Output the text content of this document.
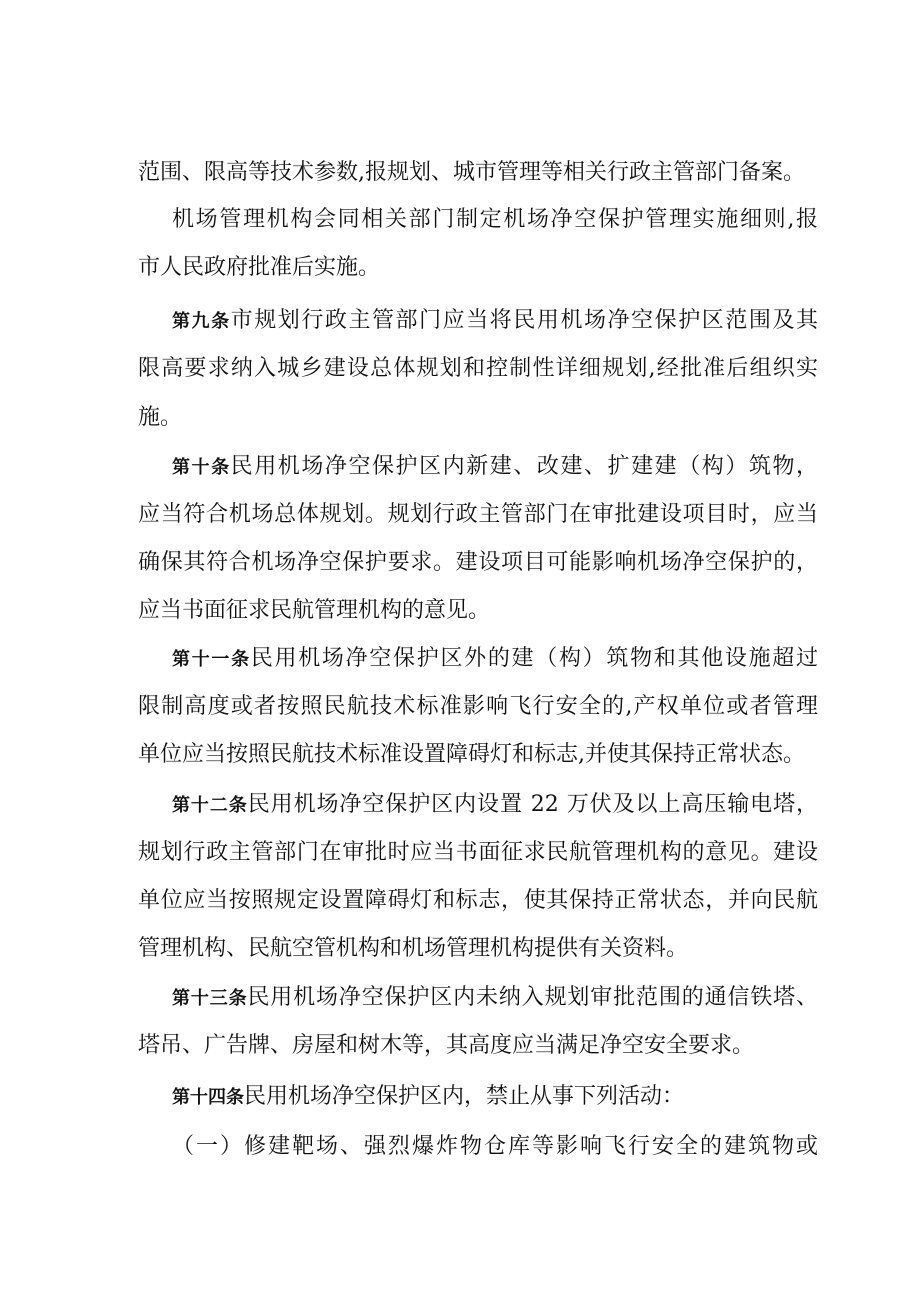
范围、限高等技术参数,报规划、城市管理等相关行政主管部门备案。
机场管理机构会同相关部门制定机场净空保护管理实施细则,报
市人民政府批准后实施。
第九条市规划行政主管部门应当将民用机场净空保护区范围及其
限高要求纳入城乡建设总体规划和控制性详细规划,经批准后组织实
施。
第十条民用机场净空保护区内新建、改建、扩建建（构）筑物，
应当符合机场总体规划。规划行政主管部门在审批建设项目时，应当
确保其符合机场净空保护要求。建设项目可能影响机场净空保护的，
应当书面征求民航管理机构的意见。
第十一条民用机场净空保护区外的建（构）筑物和其他设施超过
限制高度或者按照民航技术标准影响飞行安全的,产权单位或者管理
单位应当按照民航技术标准设置障碍灯和标志,并使其保持正常状态。
第十二条民用机场净空保护区内设置 22 万伏及以上高压输电塔，
规划行政主管部门在审批时应当书面征求民航管理机构的意见。建设
单位应当按照规定设置障碍灯和标志，使其保持正常状态，并向民航
管理机构、民航空管机构和机场管理机构提供有关资料。
第十三条民用机场净空保护区内未纳入规划审批范围的通信铁塔、
塔吊、广告牌、房屋和树木等，其高度应当满足净空安全要求。
第十四条民用机场净空保护区内，禁止从事下列活动：
（一）修建靶场、强烈爆炸物仓库等影响飞行安全的建筑物或
